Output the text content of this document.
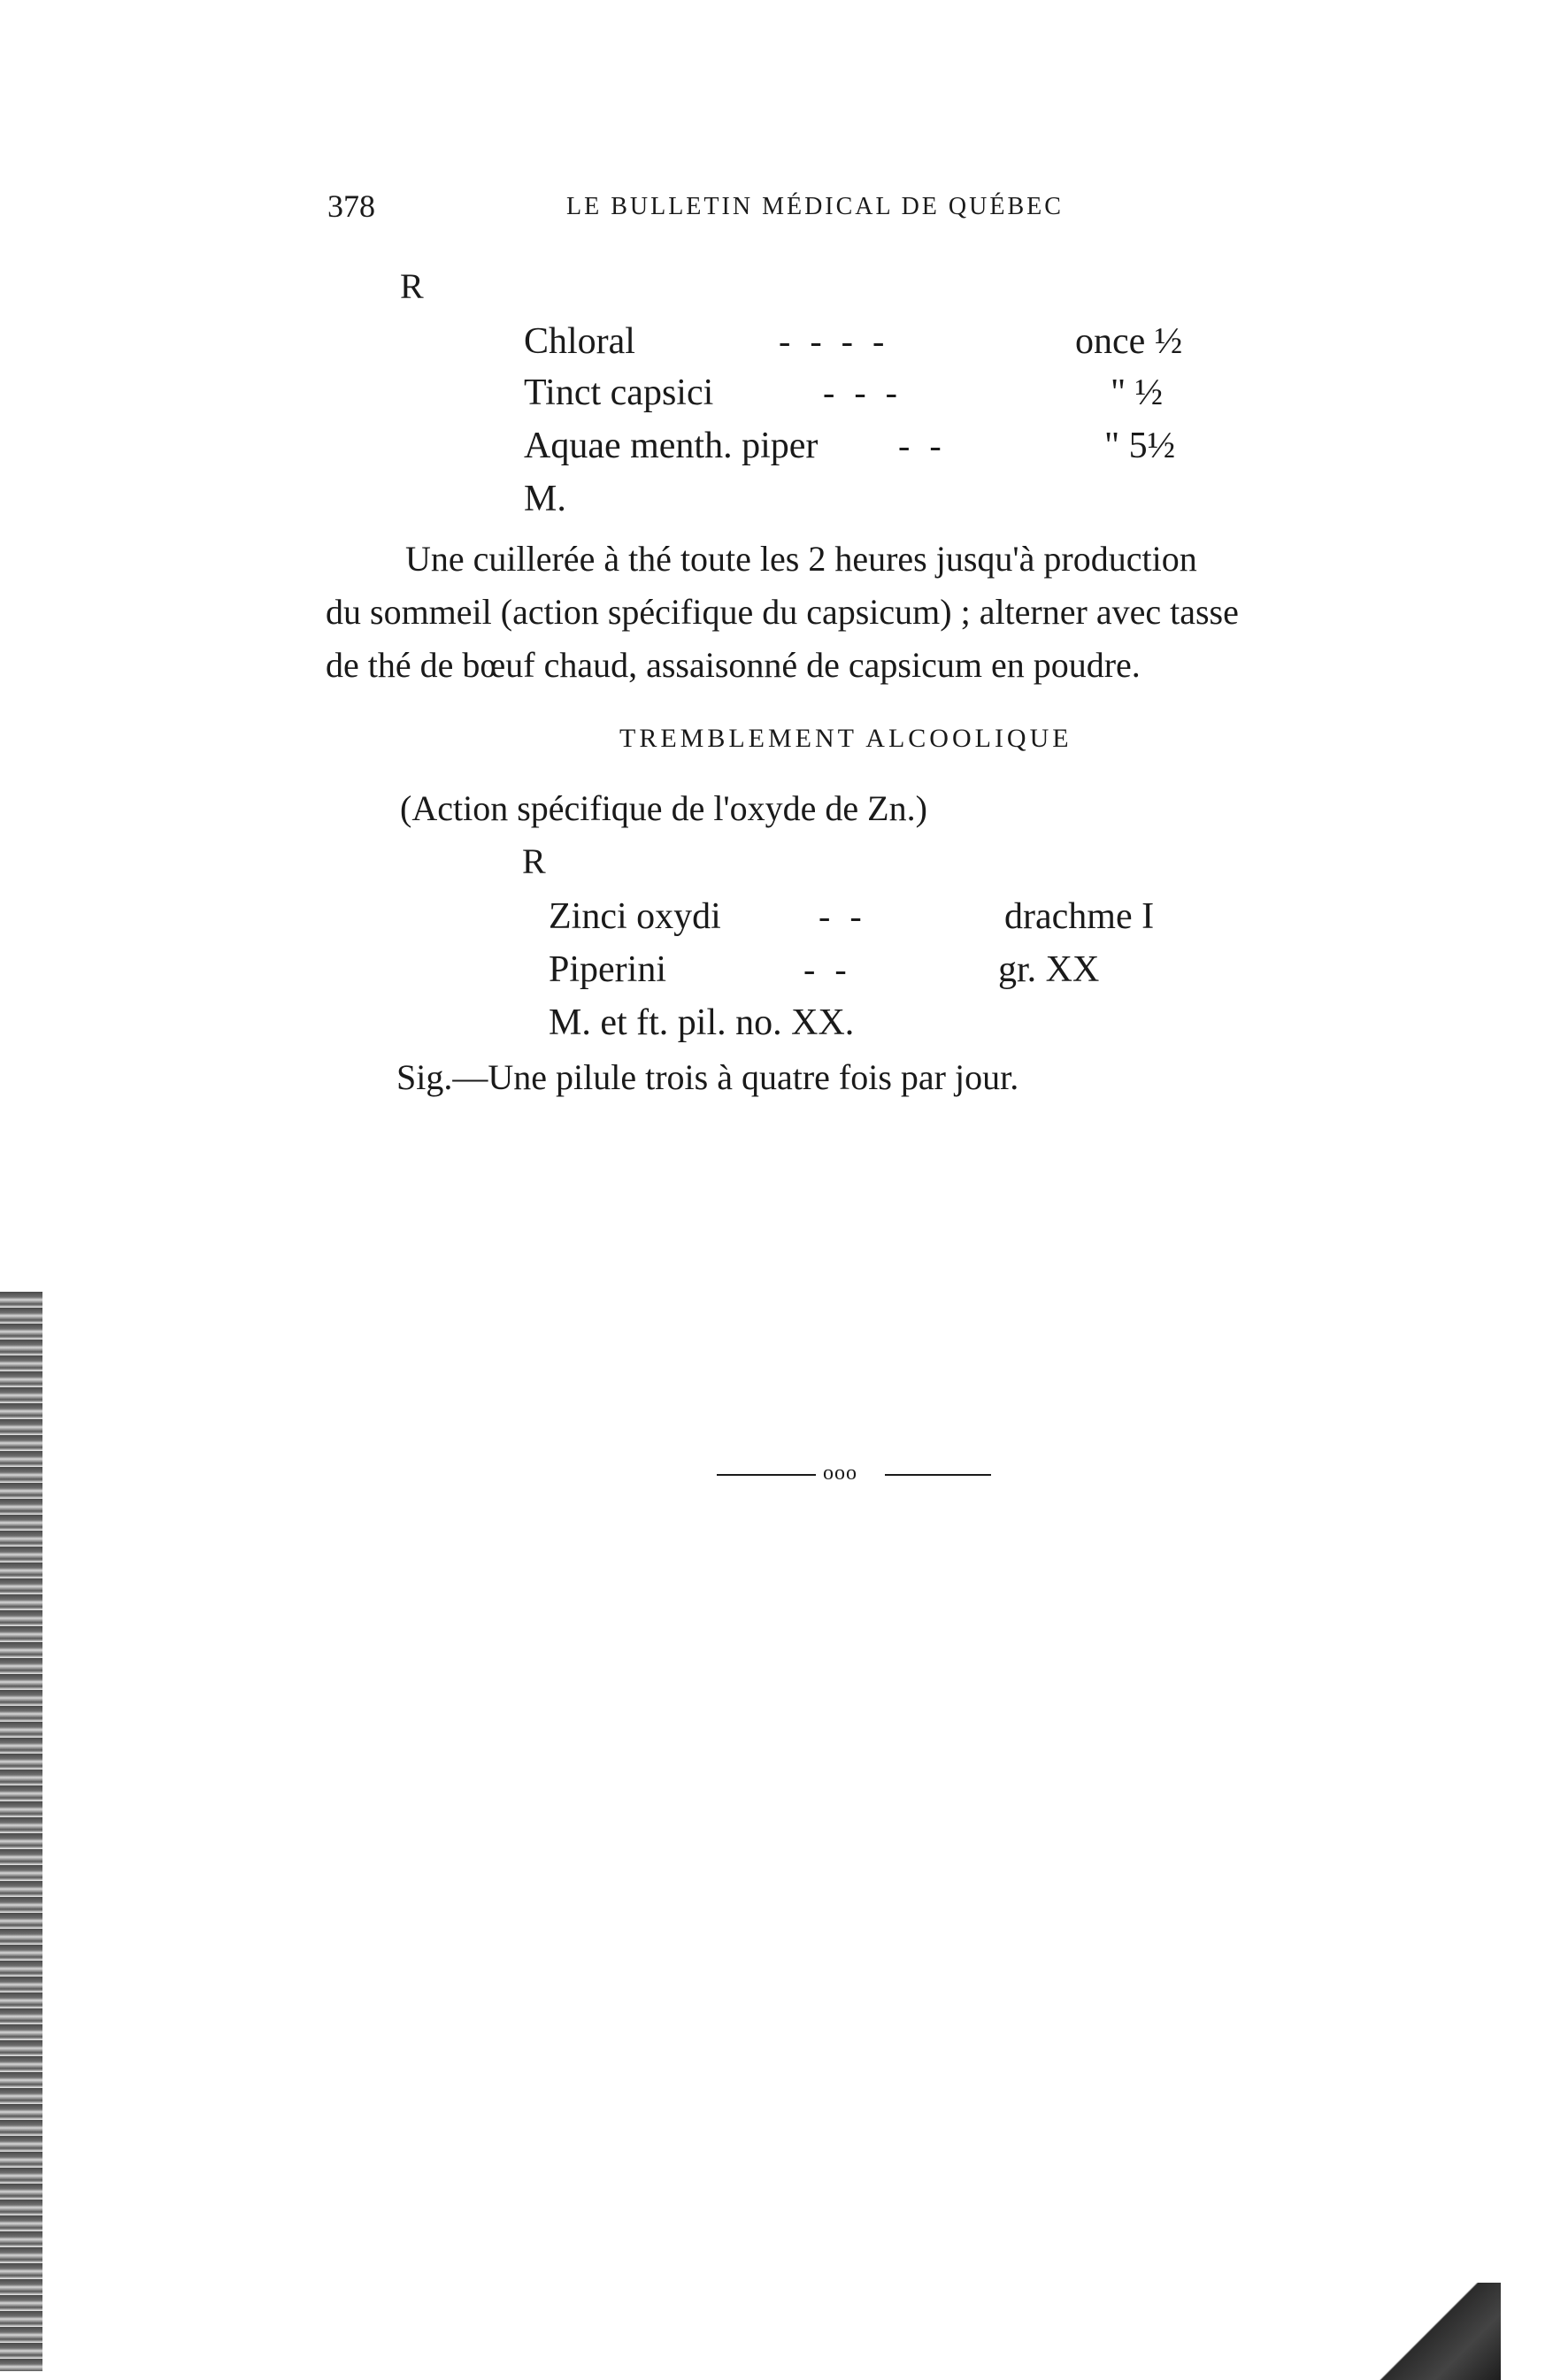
378	LE BULLETIN MÉDICAL DE QUÉBEC
R
Chloral	- - - -	once ½
Tinct capsici	- - -	" ½
Aquae menth. piper - -	" 5½
M.
Une cuillerée à thé toute les 2 heures jusqu'à production
du sommeil (action spécifique du capsicum) ; alterner avec tasse
de thé de bœuf chaud, assaisonné de capsicum en poudre.
TREMBLEMENT ALCOOLIQUE
(Action spécifique de l'oxyde de Zn.)
R
Zinci oxydi	- -	drachme I
Piperini	- -	gr. XX
M. et ft. pil. no. XX.
Sig.—Une pilule trois à quatre fois par jour.
ooo
